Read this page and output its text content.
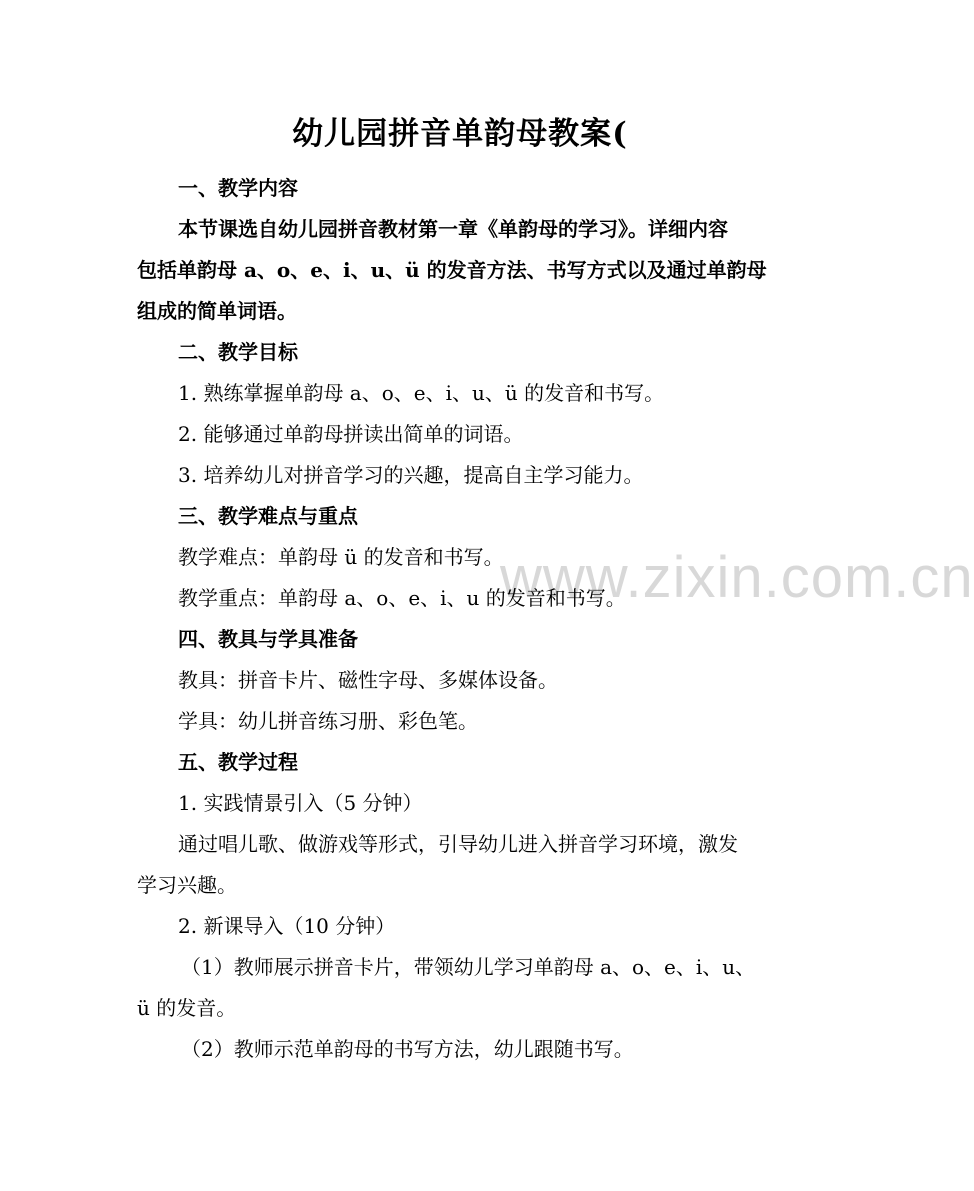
www.zixin.com.cn
幼儿园拼音单韵母教案(
一、教学内容
本节课选自幼儿园拼音教材第一章《单韵母的学习》。详细内容
包括单韵母 a、o、e、i、u、ü 的发音方法、书写方式以及通过单韵母
组成的简单词语。
二、教学目标
1. 熟练掌握单韵母 a、o、e、i、u、ü 的发音和书写。
2. 能够通过单韵母拼读出简单的词语。
3. 培养幼儿对拼音学习的兴趣，提高自主学习能力。
三、教学难点与重点
教学难点：单韵母 ü 的发音和书写。
教学重点：单韵母 a、o、e、i、u 的发音和书写。
四、教具与学具准备
教具：拼音卡片、磁性字母、多媒体设备。
学具：幼儿拼音练习册、彩色笔。
五、教学过程
1. 实践情景引入（5 分钟）
通过唱儿歌、做游戏等形式，引导幼儿进入拼音学习环境，激发
学习兴趣。
2. 新课导入（10 分钟）
（1）教师展示拼音卡片，带领幼儿学习单韵母 a、o、e、i、u、
ü 的发音。
（2）教师示范单韵母的书写方法，幼儿跟随书写。
